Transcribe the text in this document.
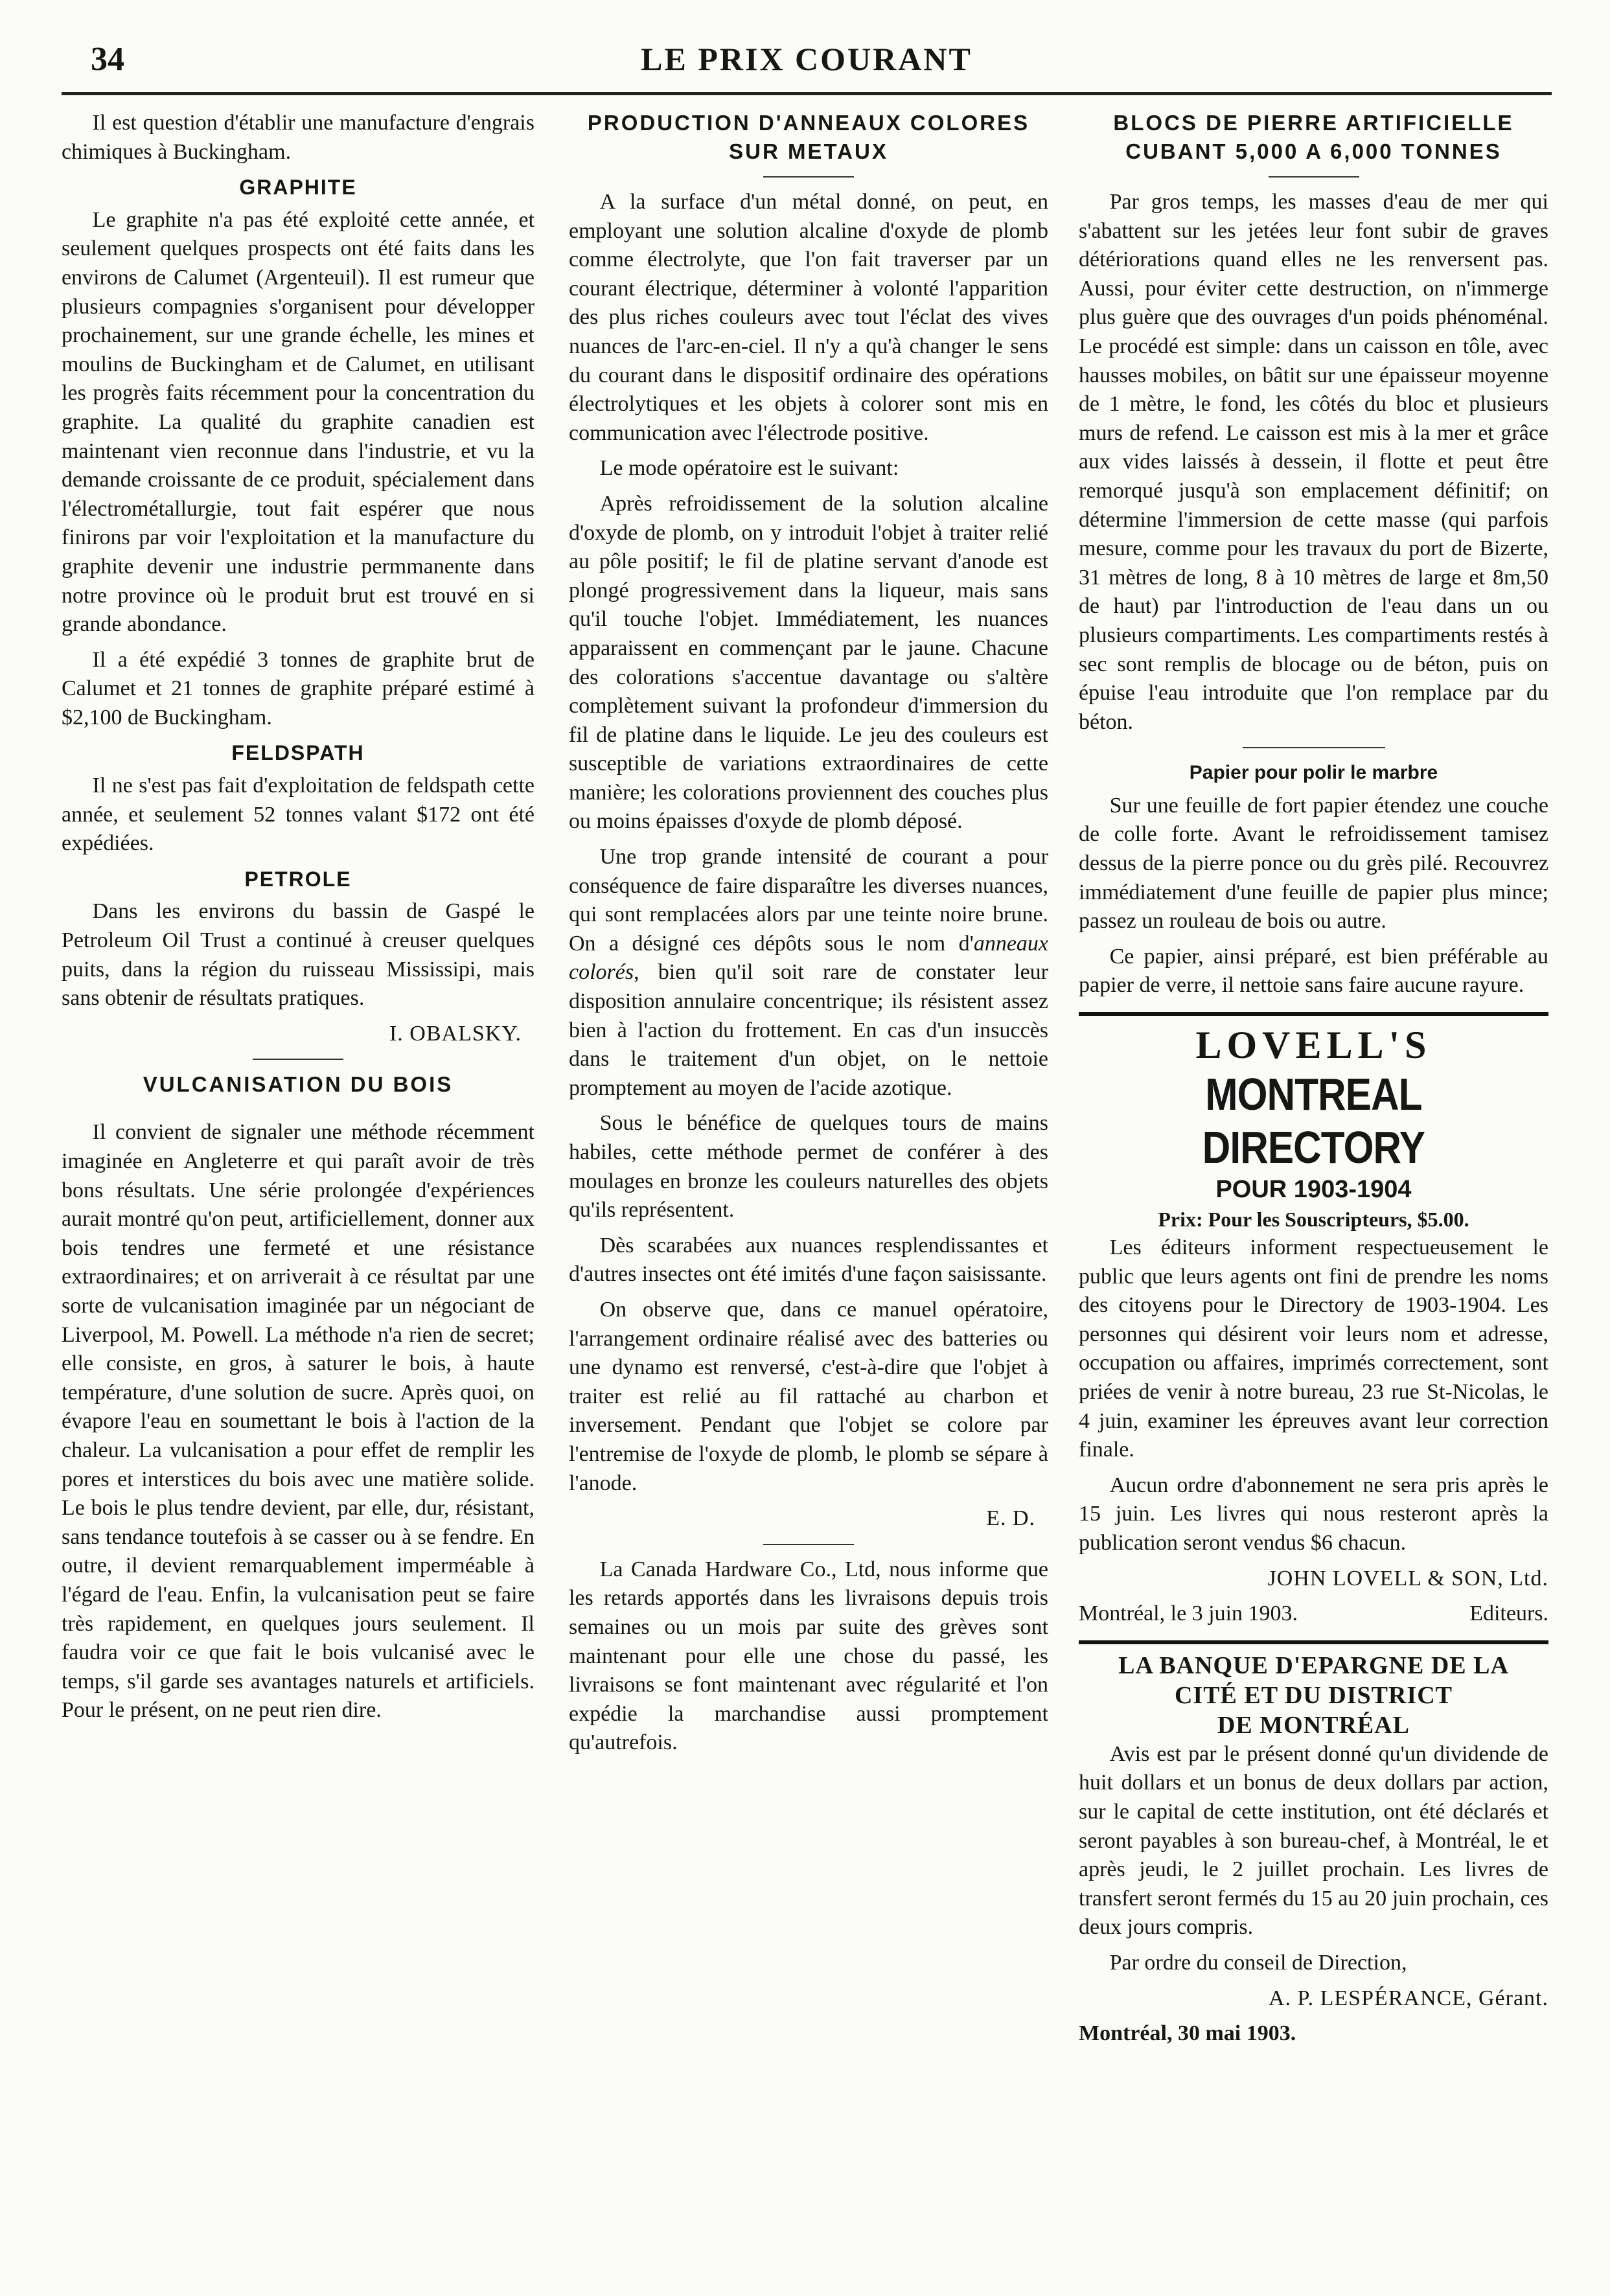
34	LE PRIX COURANT

Il est question d'établir une manufacture d'engrais chimiques à Buckingham.

GRAPHITE

Le graphite n'a pas été exploité cette année, et seulement quelques prospects ont été faits dans les environs de Calumet (Argenteuil). Il est rumeur que plusieurs compagnies s'organisent pour développer prochainement, sur une grande échelle, les mines et moulins de Buckingham et de Calumet, en utilisant les progrès faits récemment pour la concentration du graphite. La qualité du graphite canadien est maintenant vien reconnue dans l'industrie, et vu la demande croissante de ce produit, spécialement dans l'électrométallurgie, tout fait espérer que nous finirons par voir l'exploitation et la manufacture du graphite devenir une industrie permmanente dans notre province où le produit brut est trouvé en si grande abondance.

Il a été expédié 3 tonnes de graphite brut de Calumet et 21 tonnes de graphite préparé estimé à $2,100 de Buckingham.

FELDSPATH

Il ne s'est pas fait d'exploitation de feldspath cette année, et seulement 52 tonnes valant $172 ont été expédiées.

PETROLE

Dans les environs du bassin de Gaspé le Petroleum Oil Trust a continué à creuser quelques puits, dans la région du ruisseau Mississipi, mais sans obtenir de résultats pratiques.

I. OBALSKY.
VULCANISATION DU BOIS

Il convient de signaler une méthode récemment imaginée en Angleterre et qui paraît avoir de très bons résultats. Une série prolongée d'expériences aurait montré qu'on peut, artificiellement, donner aux bois tendres une fermeté et une résistance extraordinaires; et on arriverait à ce résultat par une sorte de vulcanisation imaginée par un négociant de Liverpool, M. Powell. La méthode n'a rien de secret; elle consiste, en gros, à saturer le bois, à haute température, d'une solution de sucre. Après quoi, on évapore l'eau en soumettant le bois à l'action de la chaleur. La vulcanisation a pour effet de remplir les pores et interstices du bois avec une matière solide. Le bois le plus tendre devient, par elle, dur, résistant, sans tendance toutefois à se casser ou à se fendre. En outre, il devient remarquablement imperméable à l'égard de l'eau. Enfin, la vulcanisation peut se faire très rapidement, en quelques jours seulement. Il faudra voir ce que fait le bois vulcanisé avec le temps, s'il garde ses avantages naturels et artificiels. Pour le présent, on ne peut rien dire.

PRODUCTION D'ANNEAUX COLORES
SUR METAUX

A la surface d'un métal donné, on peut, en employant une solution alcaline d'oxyde de plomb comme électrolyte, que l'on fait traverser par un courant électrique, déterminer à volonté l'apparition des plus riches couleurs avec tout l'éclat des vives nuances de l'arc-en-ciel. Il n'y a qu'à changer le sens du courant dans le dispositif ordinaire des opérations électrolytiques et les objets à colorer sont mis en communication avec l'électrode positive.

Le mode opératoire est le suivant:

Après refroidissement de la solution alcaline d'oxyde de plomb, on y introduit l'objet à traiter relié au pôle positif; le fil de platine servant d'anode est plongé progressivement dans la liqueur, mais sans qu'il touche l'objet. Immédiatement, les nuances apparaissent en commençant par le jaune. Chacune des colorations s'accentue davantage ou s'altère complètement suivant la profondeur d'immersion du fil de platine dans le liquide. Le jeu des couleurs est susceptible de variations extraordinaires de cette manière; les colorations proviennent des couches plus ou moins épaisses d'oxyde de plomb déposé.

Une trop grande intensité de courant a pour conséquence de faire disparaître les diverses nuances, qui sont remplacées alors par une teinte noire brune. On a désigné ces dépôts sous le nom d'anneaux colorés, bien qu'il soit rare de constater leur disposition annulaire concentrique; ils résistent assez bien à l'action du frottement. En cas d'un insuccès dans le traitement d'un objet, on le nettoie promptement au moyen de l'acide azotique.

Sous le bénéfice de quelques tours de mains habiles, cette méthode permet de conférer à des moulages en bronze les couleurs naturelles des objets qu'ils représentent.

Dès scarabées aux nuances resplendissantes et d'autres insectes ont été imités d'une façon saisissante.

On observe que, dans ce manuel opératoire, l'arrangement ordinaire réalisé avec des batteries ou une dynamo est renversé, c'est-à-dire que l'objet à traiter est relié au fil rattaché au charbon et inversement. Pendant que l'objet se colore par l'entremise de l'oxyde de plomb, le plomb se sépare à l'anode.

E. D.

La Canada Hardware Co., Ltd, nous informe que les retards apportés dans les livraisons depuis trois semaines ou un mois par suite des grèves sont maintenant pour elle une chose du passé, les livraisons se font maintenant avec régularité et l'on expédie la marchandise aussi promptement qu'autrefois.

BLOCS DE PIERRE ARTIFICIELLE
CUBANT 5,000 A 6,000 TONNES

Par gros temps, les masses d'eau de mer qui s'abattent sur les jetées leur font subir de graves détériorations quand elles ne les renversent pas. Aussi, pour éviter cette destruction, on n'immerge plus guère que des ouvrages d'un poids phénoménal. Le procédé est simple: dans un caisson en tôle, avec hausses mobiles, on bâtit sur une épaisseur moyenne de 1 mètre, le fond, les côtés du bloc et plusieurs murs de refend. Le caisson est mis à la mer et grâce aux vides laissés à dessein, il flotte et peut être remorqué jusqu'à son emplacement définitif; on détermine l'immersion de cette masse (qui parfois mesure, comme pour les travaux du port de Bizerte, 31 mètres de long, 8 à 10 mètres de large et 8m,50 de haut) par l'introduction de l'eau dans un ou plusieurs compartiments. Les compartiments restés à sec sont remplis de blocage ou de béton, puis on épuise l'eau introduite que l'on remplace par du béton.

Papier pour polir le marbre

Sur une feuille de fort papier étendez une couche de colle forte. Avant le refroidissement tamisez dessus de la pierre ponce ou du grès pilé. Recouvrez immédiatement d'une feuille de papier plus mince; passez un rouleau de bois ou autre.

Ce papier, ainsi préparé, est bien préférable au papier de verre, il nettoie sans faire aucune rayure.

LOVELL'S
MONTREAL DIRECTORY
POUR 1903-1904
Prix: Pour les Souscripteurs, $5.00.

Les éditeurs informent respectueusement le public que leurs agents ont fini de prendre les noms des citoyens pour le Directory de 1903-1904. Les personnes qui désirent voir leurs nom et adresse, occupation ou affaires, imprimés correctement, sont priées de venir à notre bureau, 23 rue St-Nicolas, le 4 juin, examiner les épreuves avant leur correction finale.

Aucun ordre d'abonnement ne sera pris après le 15 juin. Les livres qui nous resteront après la publication seront vendus $6 chacun.

JOHN LOVELL & SON, Ltd.
Montréal, le 3 juin 1903.	Editeurs.
LA BANQUE D'EPARGNE DE LA
CITÉ ET DU DISTRICT
DE MONTRÉAL

Avis est par le présent donné qu'un dividende de huit dollars et un bonus de deux dollars par action, sur le capital de cette institution, ont été déclarés et seront payables à son bureau-chef, à Montréal, le et après jeudi, le 2 juillet prochain. Les livres de transfert seront fermés du 15 au 20 juin prochain, ces deux jours compris.

Par ordre du conseil de Direction,

A. P. LESPÉRANCE, Gérant.

Montréal, 30 mai 1903.
